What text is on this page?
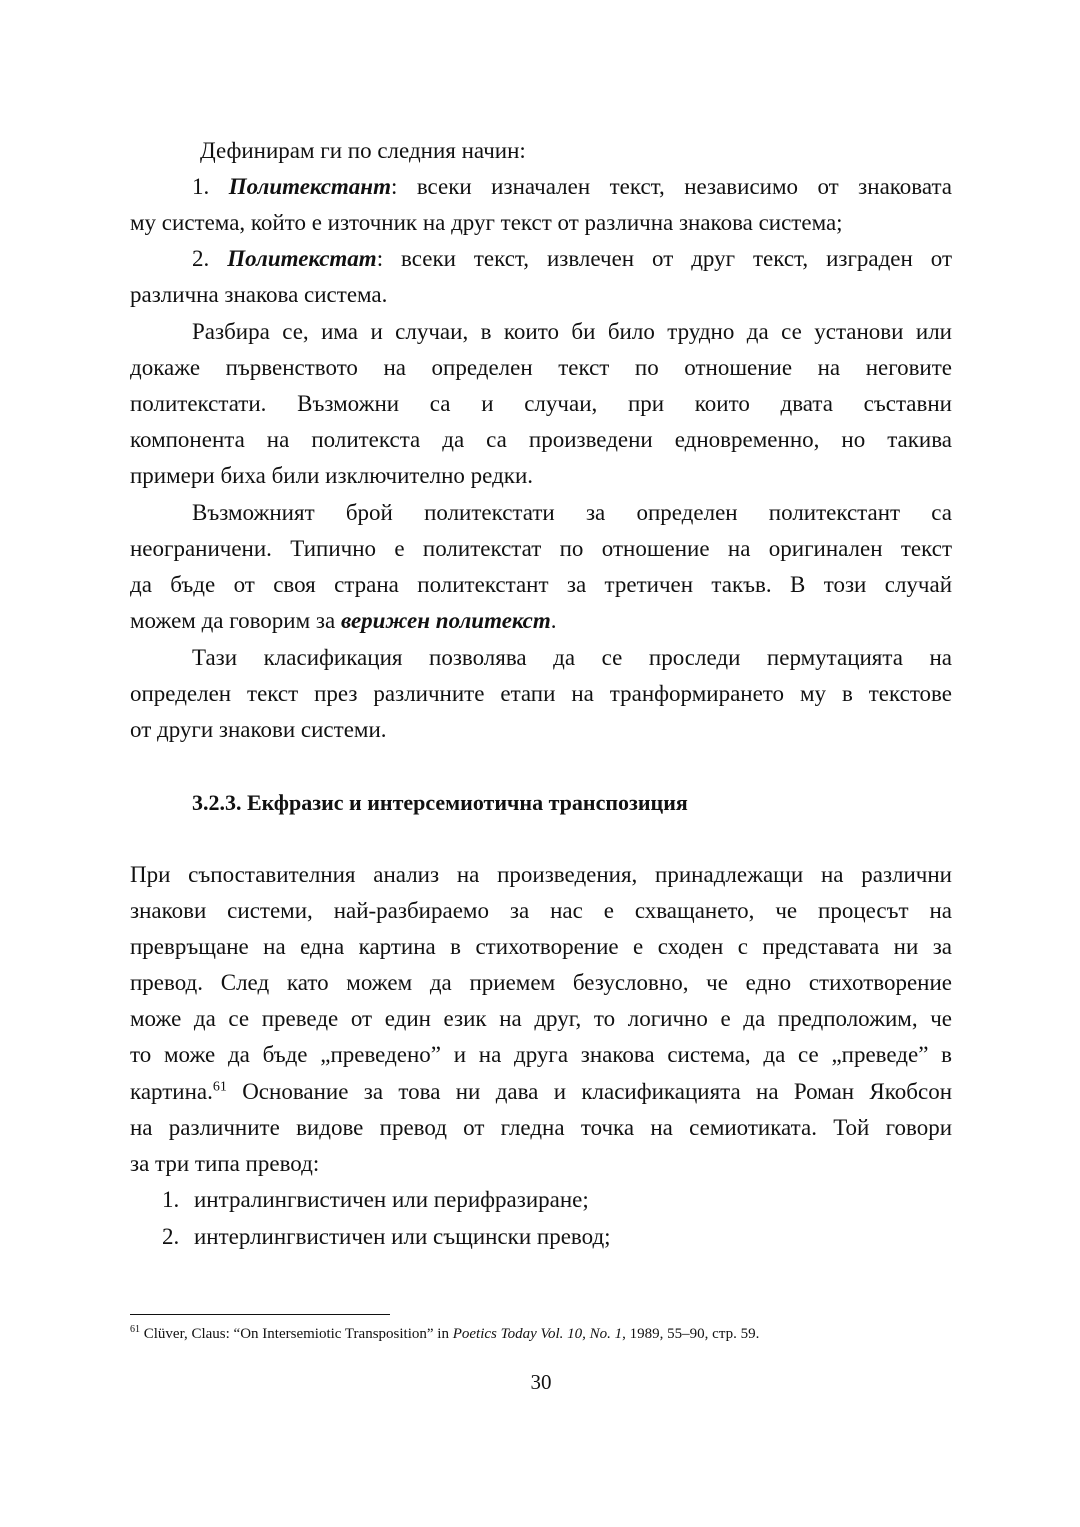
Дефинирам ги по следния начин:
1. Политекстант: всеки изначален текст, независимо от знаковата
му система, който е източник на друг текст от различна знакова система;
2. Политекстат: всеки текст, извлечен от друг текст, изграден от
различна знакова система.
Разбира се, има и случаи, в които би било трудно да се установи или
докаже първенството на определен текст по отношение на неговите
политекстати. Възможни са и случаи, при които двата съставни
компонента на политекста да са произведени едновременно, но такива
примери биха били изключително редки.
Възможният брой политекстати за определен политекстант са
неограничени. Типично е политекстат по отношение на оригинален текст
да бъде от своя страна политекстант за третичен такъв. В този случай
можем да говорим за верижен политекст.
Тази класификация позволява да се проследи пермутацията на
определен текст през различните етапи на транформирането му в текстове
от други знакови системи.
3.2.3. Екфразис и интерсемиотична транспозиция
При съпоставителния анализ на произведения, принадлежащи на различни
знакови системи, най-разбираемо за нас е схващането, че процесът на
превръщане на една картина в стихотворение е сходен с представата ни за
превод. След като можем да приемем безусловно, че едно стихотворение
може да се преведе от един език на друг, то логично е да предположим, че
то може да бъде „преведено” и на друга знакова система, да се „преведе” в
картина.$^{61}$ Основание за това ни дава и класификацията на Роман Якобсон
на различните видове превод от гледна точка на семиотиката. Той говори
за три типа превод:
1. интралингвистичен или перифразиране;
2. интерлингвистичен или същински превод;
$^{61}$ Clüver, Claus: “On Intersemiotic Transposition” in Poetics Today Vol. 10, No. 1, 1989, 55–90, стр. 59.
30
